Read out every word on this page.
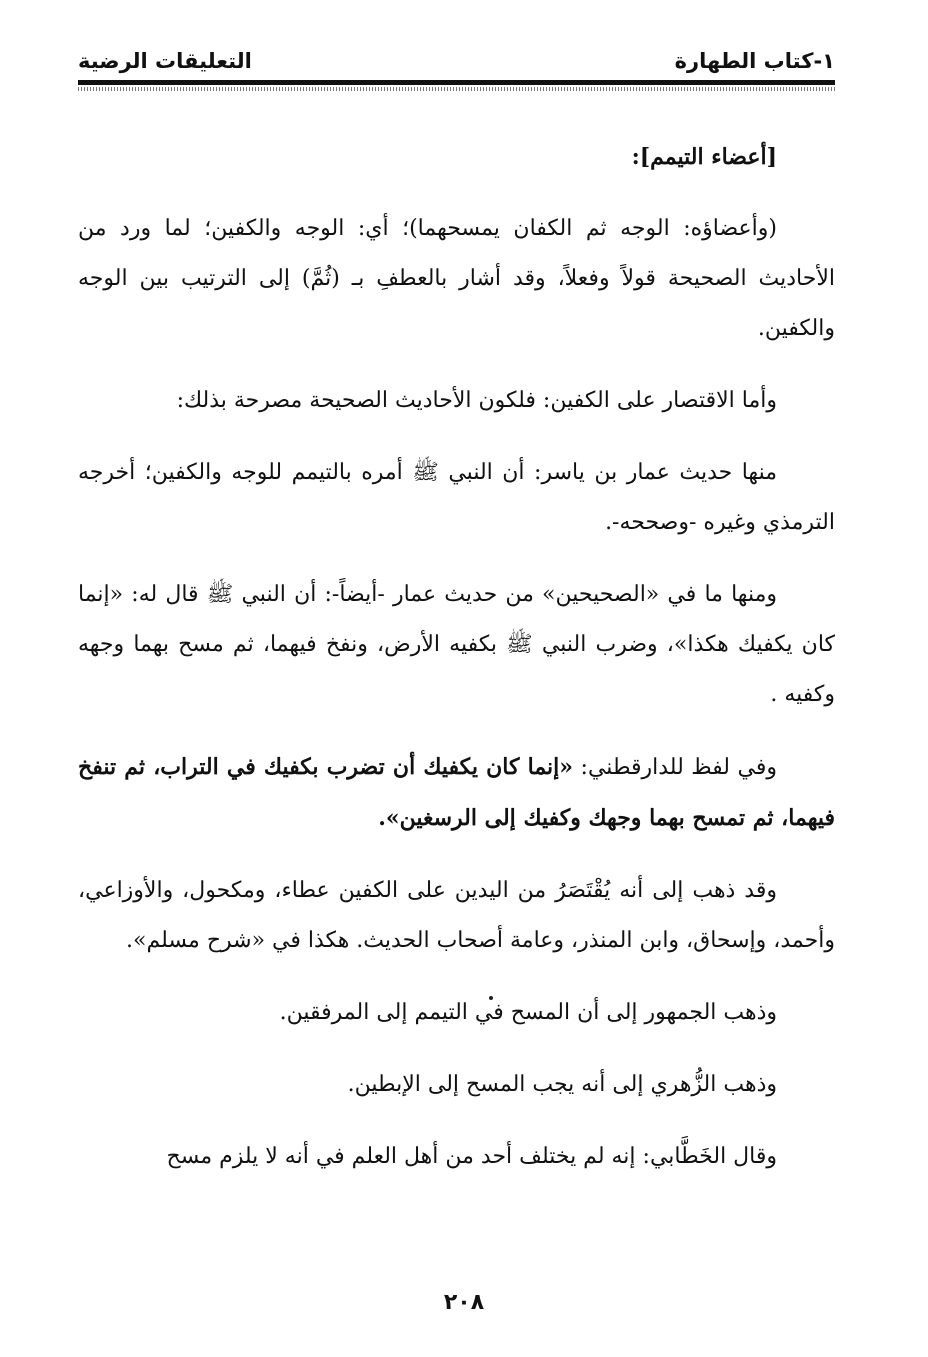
١-كتاب الطهارة
التعليقات الرضية
[أعضاء التيمم]:

(وأعضاؤه: الوجه ثم الكفان يمسحهما)؛ أي: الوجه والكفين؛ لما ورد من الأحاديث الصحيحة قولاً وفعلاً، وقد أشار بالعطفِ بـ (ثُمَّ) إلى الترتيب بين الوجه والكفين.

وأما الاقتصار على الكفين: فلكون الأحاديث الصحيحة مصرحة بذلك:

منها حديث عمار بن ياسر: أن النبي ﷺ أمره بالتيمم للوجه والكفين؛ أخرجه الترمذي وغيره -وصححه-.

ومنها ما في «الصحيحين» من حديث عمار -أيضاً-: أن النبي ﷺ قال له: «إنما كان يكفيك هكذا»، وضرب النبي ﷺ بكفيه الأرض، ونفخ فيهما، ثم مسح بهما وجهه وكفيه .

وفي لفظ للدارقطني: «إنما كان يكفيك أن تضرب بكفيك في التراب، ثم تنفخ فيهما، ثم تمسح بهما وجهك وكفيك إلى الرسغين».

وقد ذهب إلى أنه يُقْتَصَرُ من اليدين على الكفين عطاء، ومكحول، والأوزاعي، وأحمد، وإسحاق، وابن المنذر، وعامة أصحاب الحديث. هكذا في «شرح مسلم».

وذهب الجمهور إلى أن المسح في التيمم إلى المرفقين.

وذهب الزُّهري إلى أنه يجب المسح إلى الإبطين.

وقال الخَطَّابي: إنه لم يختلف أحد من أهل العلم في أنه لا يلزم مسح

٢٠٨
